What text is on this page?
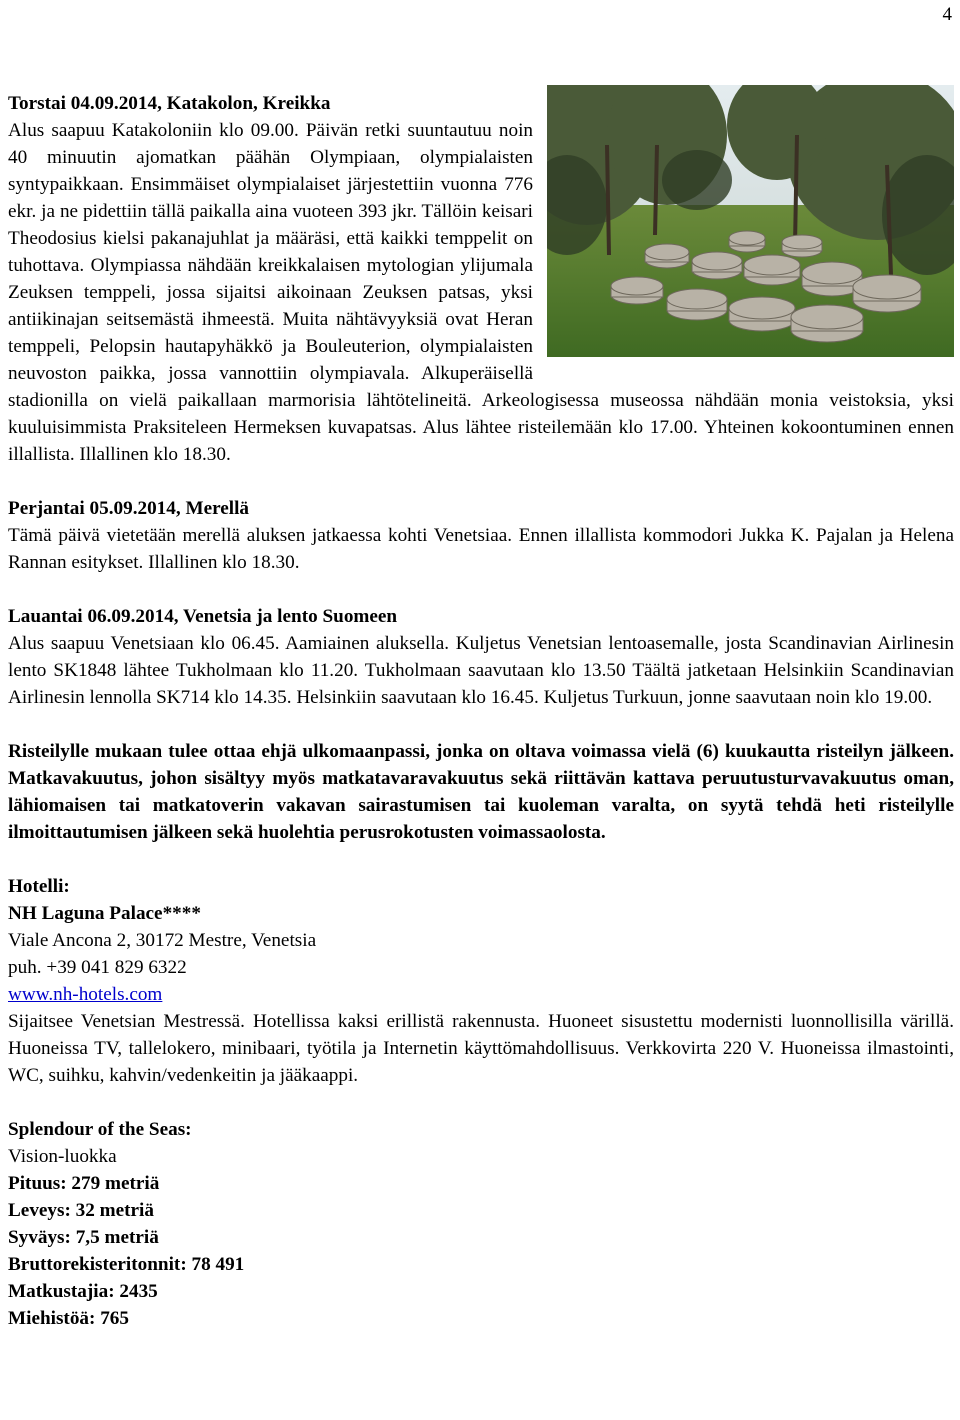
4

Torstai 04.09.2014, Katakolon, Kreikka

Alus saapuu Katakoloniin klo 09.00. Päivän retki suuntautuu noin 40 minuutin ajomatkan päähän Olympiaan, olympialaisten syntypaikkaan. Ensimmäiset olympialaiset järjestettiin vuonna 776 ekr. ja ne pidettiin tällä paikalla aina vuoteen 393 jkr. Tällöin keisari Theodosius kielsi pakanajuhlat ja määräsi, että kaikki temppelit on tuhottava. Olympiassa nähdään kreikkalaisen mytologian ylijumala Zeuksen temppeli, jossa sijaitsi aikoinaan Zeuksen patsas, yksi antiikinajan seitsemästä ihmeestä. Muita nähtävyyksiä ovat Heran temppeli, Pelopsin hautapyhäkkö ja Bouleuterion, olympialaisten neuvoston paikka, jossa vannottiin olympiavala. Alkuperäisellä stadionilla on vielä paikallaan marmorisia lähtötelineitä. Arkeologisessa museossa nähdään monia veistoksia, yksi kuuluisimmista Praksiteleen Hermeksen kuvapatsas. Alus lähtee risteilemään klo 17.00. Yhteinen kokoontuminen ennen illallista. Illallinen klo 18.30.

Perjantai 05.09.2014, Merellä

Tämä päivä vietetään merellä aluksen jatkaessa kohti Venetsiaa. Ennen illallista kommodori Jukka K. Pajalan ja Helena Rannan esitykset. Illallinen klo 18.30.

Lauantai 06.09.2014, Venetsia ja lento Suomeen

Alus saapuu Venetsiaan klo 06.45. Aamiainen aluksella. Kuljetus Venetsian lentoasemalle, josta Scandinavian Airlinesin lento SK1848 lähtee Tukholmaan klo 11.20. Tukholmaan saavutaan klo 13.50 Täältä jatketaan Helsinkiin Scandinavian Airlinesin lennolla SK714 klo 14.35. Helsinkiin saavutaan klo 16.45. Kuljetus Turkuun, jonne saavutaan noin klo 19.00.

Risteilylle mukaan tulee ottaa ehjä ulkomaanpassi, jonka on oltava voimassa vielä (6) kuukautta risteilyn jälkeen. Matkavakuutus, johon sisältyy myös matkatavaravakuutus sekä riittävän kattava peruutusturvavakuutus oman, lähiomaisen tai matkatoverin vakavan sairastumisen tai kuoleman varalta, on syytä tehdä heti risteilylle ilmoittautumisen jälkeen sekä huolehtia perusrokotusten voimassaolosta.

Hotelli:

NH Laguna Palace****

Viale Ancona 2, 30172 Mestre, Venetsia

puh. +39 041 829 6322

www.nh-hotels.com

Sijaitsee Venetsian Mestressä. Hotellissa kaksi erillistä rakennusta. Huoneet sisustettu modernisti luonnollisilla värillä. Huoneissa TV, tallelokero, minibaari, työtila ja Internetin käyttömahdollisuus. Verkkovirta 220 V. Huoneissa ilmastointi, WC, suihku, kahvin/vedenkeitin ja jääkaappi.

Splendour of the Seas:

Vision-luokka

Pituus: 279 metriä

Leveys: 32 metriä

Syväys: 7,5 metriä

Bruttorekisteritonnit: 78 491

Matkustajia: 2435

Miehistöä: 765
